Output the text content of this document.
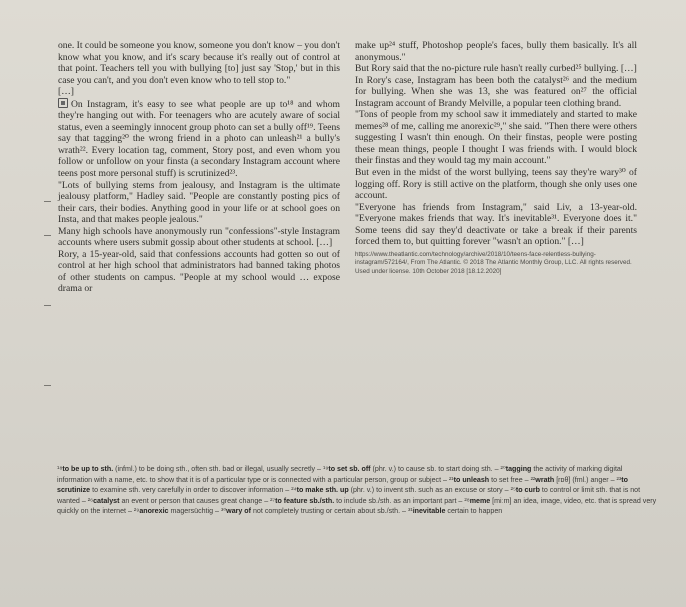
one. It could be someone you know, someone you don't know – you don't know what you know, and it's scary because it's really out of control at that point. Teachers tell you with bullying [to] just say 'Stop,' but in this case you can't, and you don't even know who to tell stop to."

[…]

On Instagram, it's easy to see what people are up to¹⁸ and whom they're hanging out with. For teenagers who are acutely aware of social status, even a seemingly innocent group photo can set a bully off¹⁹. Teens say that tagging²⁰ the wrong friend in a photo can unleash²¹ a bully's wrath²². Every location tag, comment, Story post, and even whom you follow or unfollow on your finsta (a secondary Instagram account where teens post more personal stuff) is scrutinized²³.

"Lots of bullying stems from jealousy, and Instagram is the ultimate jealousy platform," Hadley said. "People are constantly posting pics of their cars, their bodies. Anything good in your life or at school goes on Insta, and that makes people jealous."

Many high schools have anonymously run "confessions"-style Instagram accounts where users submit gossip about other students at school. […]

Rory, a 15-year-old, said that confessions accounts had gotten so out of control at her high school that administrators had banned taking photos of other students on campus. "People at my school would … expose drama or

make up²⁴ stuff, Photoshop people's faces, bully them basically. It's all anonymous."

But Rory said that the no-picture rule hasn't really curbed²⁵ bullying. […]

In Rory's case, Instagram has been both the catalyst²⁶ and the medium for bullying. When she was 13, she was featured on²⁷ the official Instagram account of Brandy Melville, a popular teen clothing brand.

"Tons of people from my school saw it immediately and started to make memes²⁸ of me, calling me anorexic²⁹," she said. "Then there were others suggesting I wasn't thin enough. On their finstas, people were posting these mean things, people I thought I was friends with. I would block their finstas and they would tag my main account."

But even in the midst of the worst bullying, teens say they're wary³⁰ of logging off. Rory is still active on the platform, though she only uses one account.

"Everyone has friends from Instagram," said Liv, a 13-year-old. "Everyone makes friends that way. It's inevitable³¹. Everyone does it." Some teens did say they'd deactivate or take a break if their parents forced them to, but quitting forever "wasn't an option." […]

https://www.theatlantic.com/technology/archive/2018/10/teens-face-relentless-bullying-instagram/572164/, From The Atlantic. © 2018 The Atlantic Monthly Group, LLC. All rights reserved. Used under license. 10th October 2018 [18.12.2020]

¹⁸to be up to sth. (infml.) to be doing sth., often sth. bad or illegal, usually secretly – ¹⁹to set sb. off (phr. v.) to cause sb. to start doing sth. – ²⁰tagging the activity of marking digital information with a name, etc. to show that it is of a particular type or is connected with a particular person, group or subject – ²¹to unleash to set free – ²²wrath [rɒθ] (fml.) anger – ²³to scrutinize to examine sth. very carefully in order to discover information – ²⁴to make sth. up (phr. v.) to invent sth. such as an excuse or story – ²⁵to curb to control or limit sth. that is not wanted – ²⁶catalyst an event or person that causes great change – ²⁷to feature sb./sth. to include sb./sth. as an important part – ²⁸meme [miːm] an idea, image, video, etc. that is spread very quickly on the internet – ²⁹anorexic magersüchtig – ³⁰wary of not completely trusting or certain about sb./sth. – ³¹inevitable certain to happen
